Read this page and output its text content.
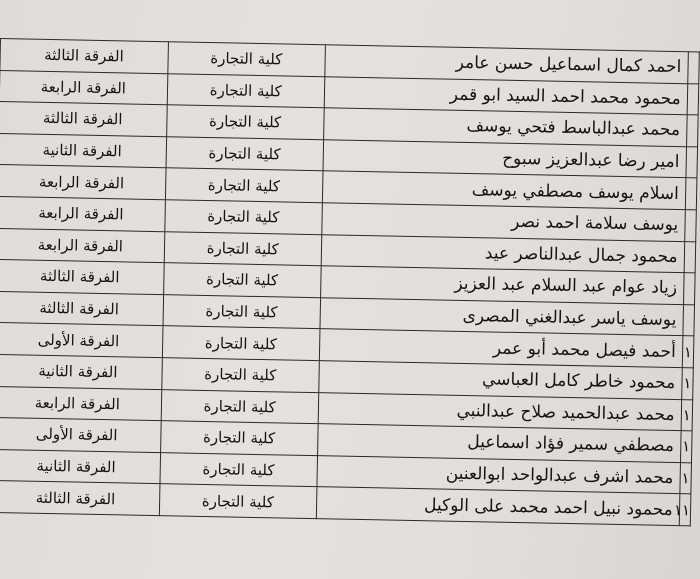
	احمد كمال اسماعيل حسن عامر	كلية التجارة	الفرقة الثالثة
	محمود محمد احمد السيد ابو قمر	كلية التجارة	الفرقة الرابعة
	محمد عبدالباسط فتحي يوسف	كلية التجارة	الفرقة الثالثة
	امير رضا عبدالعزيز سبوح	كلية التجارة	الفرقة الثانية
	اسلام يوسف مصطفي يوسف	كلية التجارة	الفرقة الرابعة
	يوسف سلامة احمد نصر	كلية التجارة	الفرقة الرابعة
	محمود جمال عبدالناصر عيد	كلية التجارة	الفرقة الرابعة
	زياد عوام عبد السلام عبد العزيز	كلية التجارة	الفرقة الثالثة
	يوسف ياسر عبدالغني المصرى	كلية التجارة	الفرقة الثالثة
١	أحمد فيصل محمد أبو عمر	كلية التجارة	الفرقة الأولى
١	محمود خاطر كامل العباسي	كلية التجارة	الفرقة الثانية
١	محمد عبدالحميد صلاح عبدالنبي	كلية التجارة	الفرقة الرابعة
١	مصطفي سمير فؤاد اسماعيل	كلية التجارة	الفرقة الأولى
١	محمد اشرف عبدالواحد ابوالعنين	كلية التجارة	الفرقة الثانية
١١	محمود نبيل احمد محمد على الوكيل	كلية التجارة	الفرقة الثالثة
